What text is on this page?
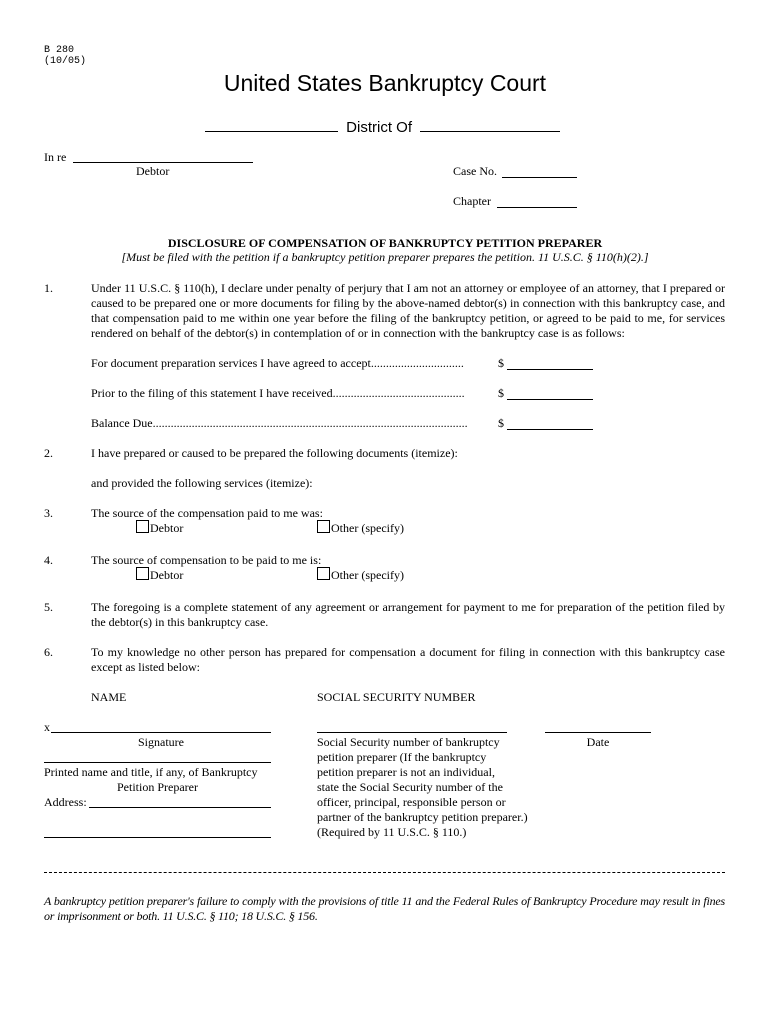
B 280
(10/05)
United States Bankruptcy Court
District Of
In re
Debtor	Case No.
Chapter
DISCLOSURE OF COMPENSATION OF BANKRUPTCY PETITION PREPARER
[Must be filed with the petition if a bankruptcy petition preparer prepares the petition. 11 U.S.C. § 110(h)(2).]
1.	Under 11 U.S.C. § 110(h), I declare under penalty of perjury that I am not an attorney or employee of an attorney, that I prepared or caused to be prepared one or more documents for filing by the above-named debtor(s) in connection with this bankruptcy case, and that compensation paid to me within one year before the filing of the bankruptcy petition, or agreed to be paid to me, for services rendered on behalf of the debtor(s) in contemplation of or in connection with the bankruptcy case is as follows:
For document preparation services I have agreed to accept...............................	$
Prior to the filing of this statement I have received............................................	$
Balance Due.........................................................................................................	$
2.	I have prepared or caused to be prepared the following documents (itemize):
and provided the following services (itemize):
3.	The source of the compensation paid to me was:
Debtor	Other (specify)
4.	The source of compensation to be paid to me is:
Debtor	Other (specify)
5.	The foregoing is a complete statement of any agreement or arrangement for payment to me for preparation of the petition filed by the debtor(s) in this bankruptcy case.
6.	To my knowledge no other person has prepared for compensation a document for filing in connection with this bankruptcy case except as listed below:
NAME	SOCIAL SECURITY NUMBER
x
Signature	Date
Printed name and title, if any, of Bankruptcy
Petition Preparer
Address:
Social Security number of bankruptcy
petition preparer (If the bankruptcy
petition preparer is not an individual,
state the Social Security number of the
officer, principal, responsible person or
partner of the bankruptcy petition preparer.)
(Required by 11 U.S.C. § 110.)
A bankruptcy petition preparer's failure to comply with the provisions of title 11 and the Federal Rules of Bankruptcy Procedure may result in fines or imprisonment or both. 11 U.S.C. § 110; 18 U.S.C. § 156.
